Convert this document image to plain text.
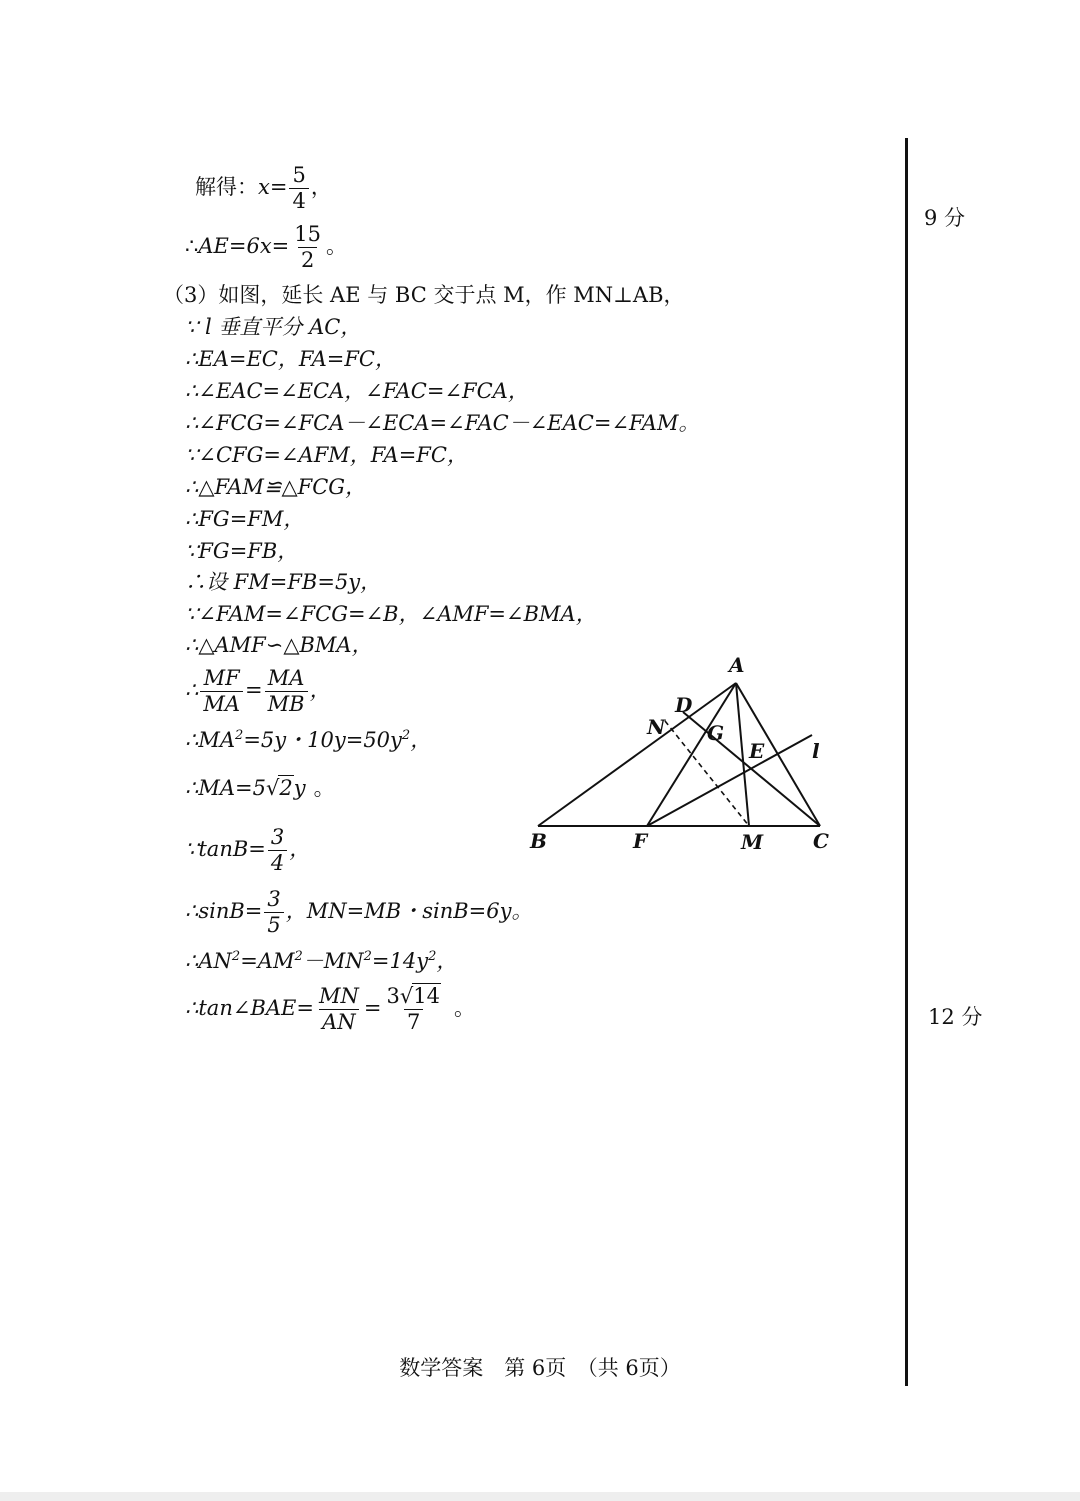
解得：$x= \frac{5}{4}$ ，
∴AE=6x= $\frac{15}{2}$ 。
（3）如图，延长 AE 与 BC 交于点 M，作 MN⊥AB，
∵ l 垂直平分 AC，
∴EA=EC，FA=FC，
∴∠EAC=∠ECA，∠FAC=∠FCA，
∴∠FCG=∠FCA－∠ECA=∠FAC－∠EAC=∠FAM。
∵∠CFG=∠AFM，FA=FC，
∴△FAM≌△FCG，
∴FG=FM，
∵FG=FB，
∴设 FM=FB=5y，
∵∠FAM=∠FCG=∠B，∠AMF=∠BMA，
∴△AMF∽△BMA，
∴ $\frac{MF}{MA} = \frac{MA}{MB}$ ，
$\therefore MA^2=5y$・$10y=50y^2$，
∴MA=5√2y 。
∵tanB= $\frac{3}{4}$ ，
∴sinB= $\frac{3}{5}$ ，MN=MB・sinB=6y。
$\therefore AN^2=AM^2-MN^2=14y^2$，
∴tan∠BAE= $\frac{MN}{AN} = \frac{3√14}{7}$ 。
9 分
12 分
A
B	C
D
E
F
G
M
N
l
数学答案　第 6页　（共 6页）
